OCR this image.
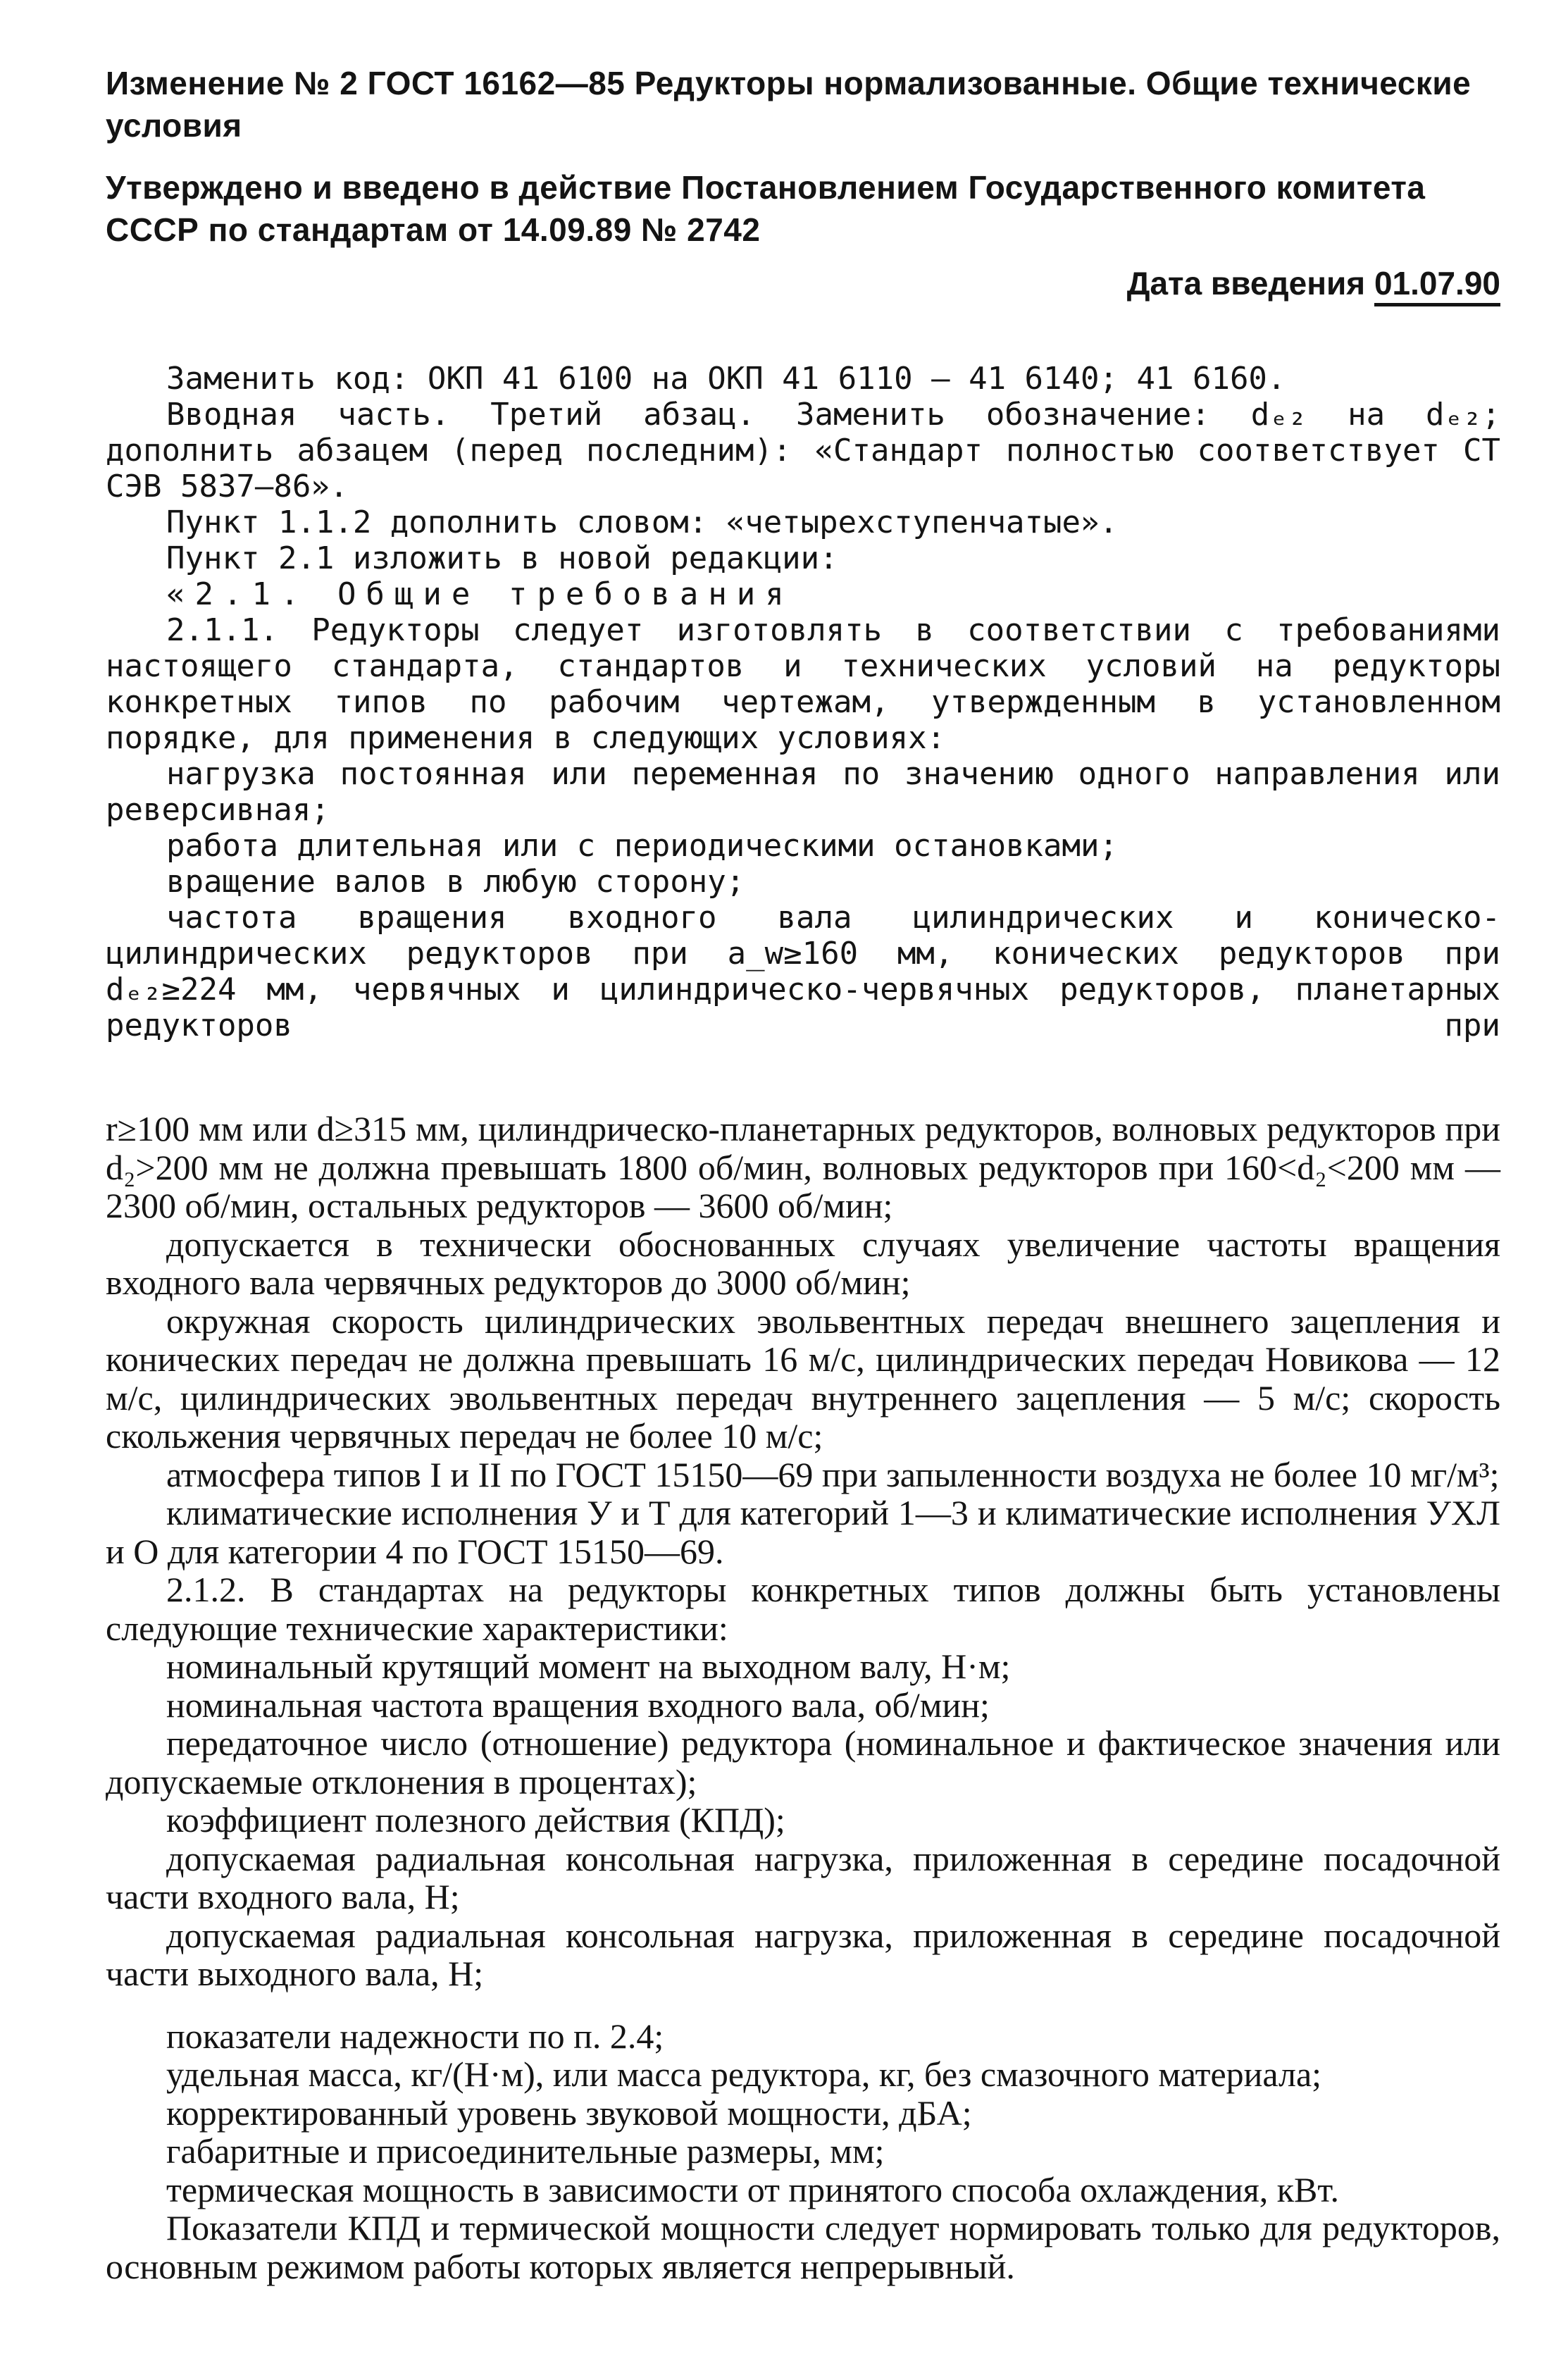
Изменение № 2 ГОСТ 16162—85 Редукторы нормализованные. Общие технические условия

Утверждено и введено в действие Постановлением Государственного комитета СССР по стандартам от 14.09.89 № 2742

Дата введения 01.07.90

Заменить код: ОКП 41 6100 на ОКП 41 6110 — 41 6140; 41 6160.

Вводная часть. Третий абзац. Заменить обозначение: dₑ₂ на dₑ₂; дополнить абзацем (перед последним): «Стандарт полностью соответствует СТ СЭВ 5837—86».

Пункт 1.1.2 дополнить словом: «четырехступенчатые».

Пункт 2.1 изложить в новой редакции:

«2.1. Общие требования

2.1.1. Редукторы следует изготовлять в соответствии с требованиями настоящего стандарта, стандартов и технических условий на редукторы конкретных типов по рабочим чертежам, утвержденным в установленном порядке, для применения в следующих условиях:

нагрузка постоянная или переменная по значению одного направления или реверсивная;

работа длительная или с периодическими остановками;

вращение валов в любую сторону;

частота вращения входного вала цилиндрических и коническо-цилиндрических редукторов при a_w≥160 мм, конических редукторов при dₑ₂≥224 мм, червячных и цилиндрическо-червячных редукторов, планетарных редукторов при

r≥100 мм или d≥315 мм, цилиндрическо-планетарных редукторов, волновых редукторов при d₂>200 мм не должна превышать 1800 об/мин, волновых редукторов при 160<d₂<200 мм — 2300 об/мин, остальных редукторов — 3600 об/мин;

допускается в технически обоснованных случаях увеличение частоты вращения входного вала червячных редукторов до 3000 об/мин;

окружная скорость цилиндрических эвольвентных передач внешнего зацепления и конических передач не должна превышать 16 м/с, цилиндрических передач Новикова — 12 м/с, цилиндрических эвольвентных передач внутреннего зацепления — 5 м/с; скорость скольжения червячных передач не более 10 м/с;

атмосфера типов I и II по ГОСТ 15150—69 при запыленности воздуха не более 10 мг/м³;

климатические исполнения У и Т для категорий 1—3 и климатические исполнения УХЛ и О для категории 4 по ГОСТ 15150—69.

2.1.2. В стандартах на редукторы конкретных типов должны быть установлены следующие технические характеристики:

номинальный крутящий момент на выходном валу, Н·м;

номинальная частота вращения входного вала, об/мин;

передаточное число (отношение) редуктора (номинальное и фактическое значения или допускаемые отклонения в процентах);

коэффициент полезного действия (КПД);

допускаемая радиальная консольная нагрузка, приложенная в середине посадочной части входного вала, Н;

допускаемая радиальная консольная нагрузка, приложенная в середине посадочной части выходного вала, Н;

показатели надежности по п. 2.4;

удельная масса, кг/(Н·м), или масса редуктора, кг, без смазочного материала;

корректированный уровень звуковой мощности, дБА;

габаритные и присоединительные размеры, мм;

термическая мощность в зависимости от принятого способа охлаждения, кВт.

Показатели КПД и термической мощности следует нормировать только для редукторов, основным режимом работы которых является непрерывный.
